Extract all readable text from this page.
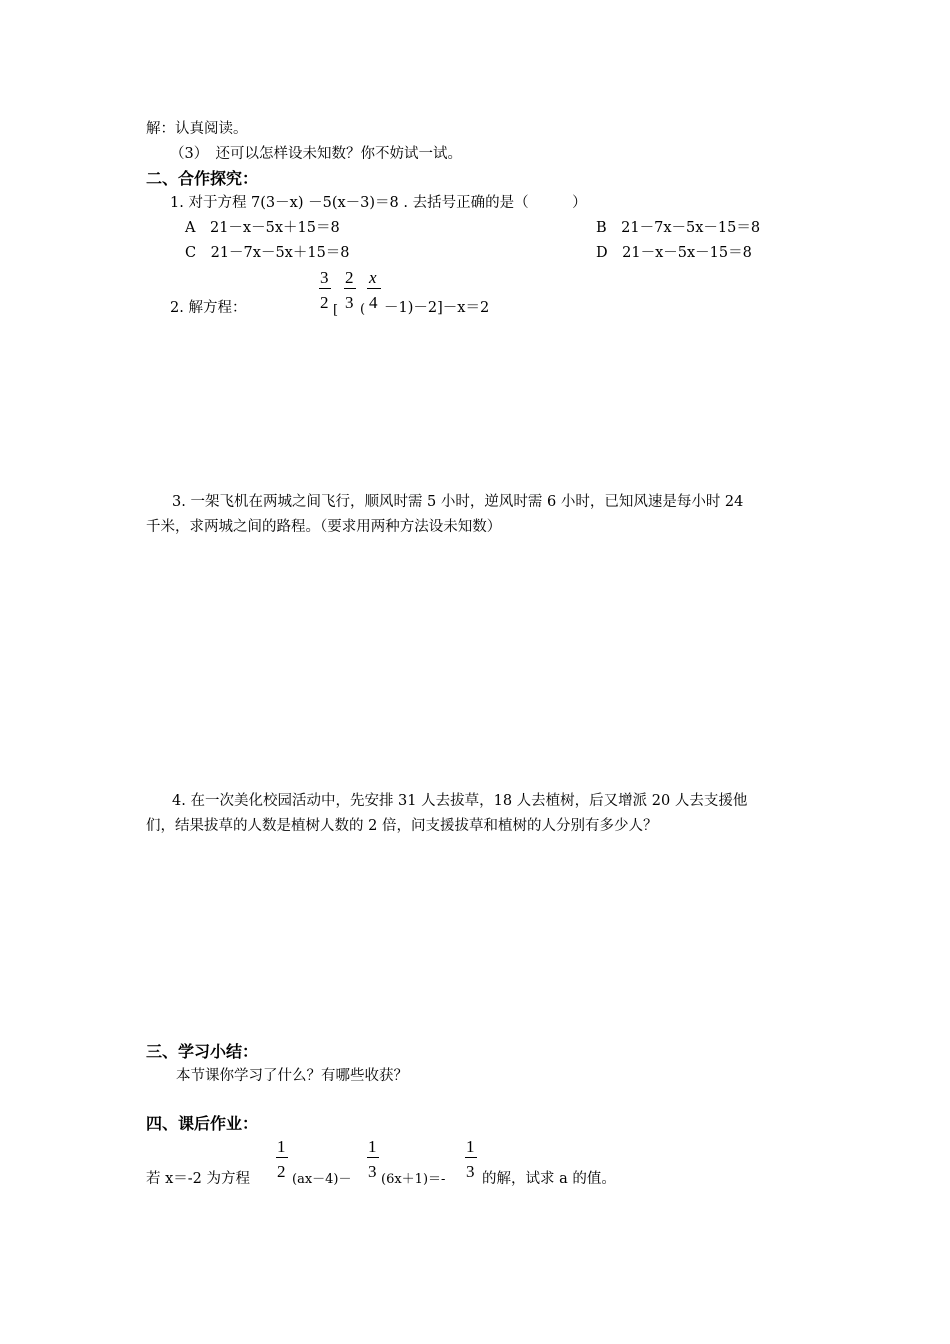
解：认真阅读。
（3）　还可以怎样设未知数？你不妨试一试。
二、合作探究：
1. 对于方程 7(3－x) －5(x－3)＝8 . 去括号正确的是（　　　）
A　21－x－5x＋15＝8	B　21－7x－5x－15＝8
C　21－7x－5x＋15＝8	D　21－x－5x－15＝8
2. 解方程：
3
2 [
2
3 (
x
4 －1)－2]－x＝2
3. 一架飞机在两城之间飞行，顺风时需 5 小时，逆风时需 6 小时，已知风速是每小时 24
千米，求两城之间的路程。（要求用两种方法设未知数）
4. 在一次美化校园活动中，先安排 31 人去拔草，18 人去植树，后又增派 20 人去支援他
们，结果拔草的人数是植树人数的 2 倍，问支援拔草和植树的人分别有多少人？
三、学习小结：
本节课你学习了什么？有哪些收获？
四、课后作业：
若 x＝-2 为方程
1
2 (ax－4)－
1
3 (6x＋1)＝-
1
3 的解，试求 a 的值。
